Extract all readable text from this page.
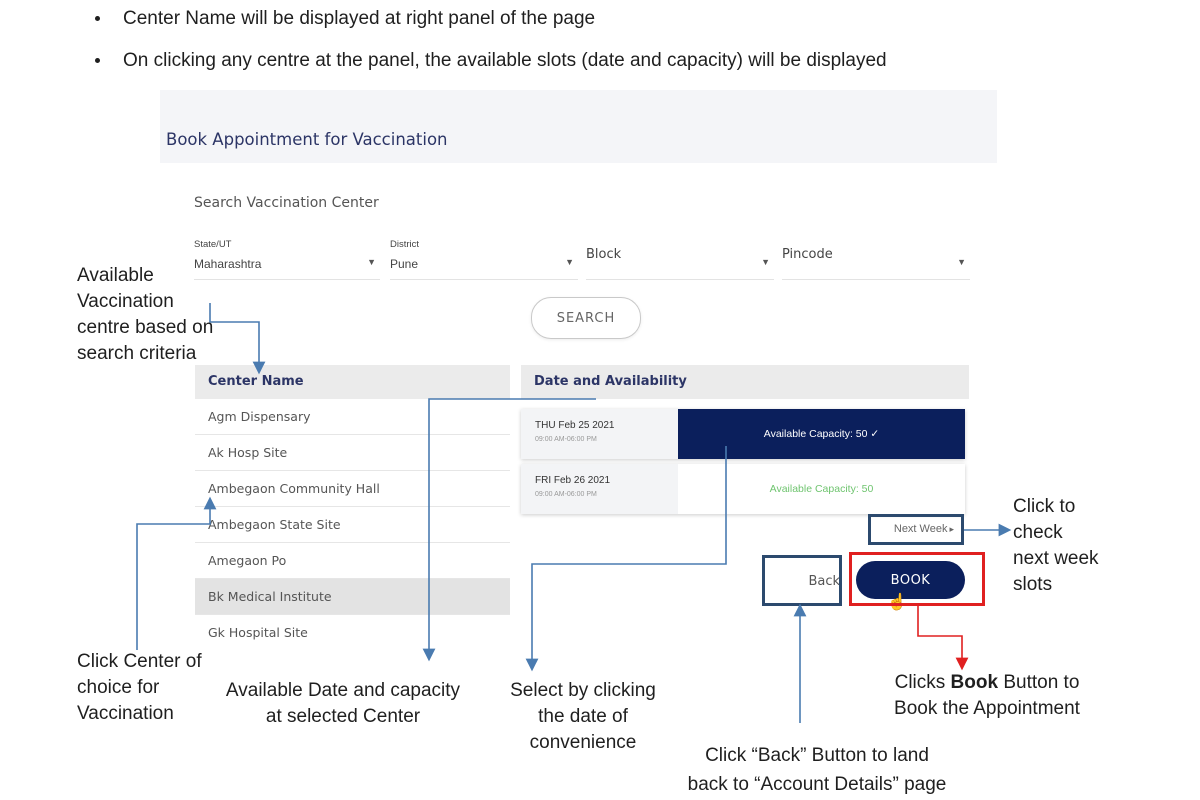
Center Name will be displayed at right panel of the page
On clicking any centre at the panel, the available slots (date and capacity) will be displayed
Book Appointment for Vaccination
Search Vaccination Center
State/UT
Maharashtra	▼
District
Pune	▼ Block	▼ Pincode	▼
SEARCH
Center Name	Date and Availability
Agm Dispensary
Ak Hosp Site
Ambegaon Community Hall
Ambegaon State Site
Amegaon Po
Bk Medical Institute
Gk Hospital Site
THU Feb 25 2021
09:00 AM-06:00 PM	Available Capacity: 50 ✓
FRI Feb 26 2021
09:00 AM-06:00 PM	Available Capacity: 50
Next Week ▸
Back	BOOK
☝
Available
Vaccination
centre based on
search criteria
Click Center of
choice for
Vaccination
Available Date and capacity
at selected Center
Select by clicking
the date of
convenience
Click to
check
next week
slots
Clicks Book Button to
Book the Appointment
Click “Back” Button to land
back to “Account Details” page
